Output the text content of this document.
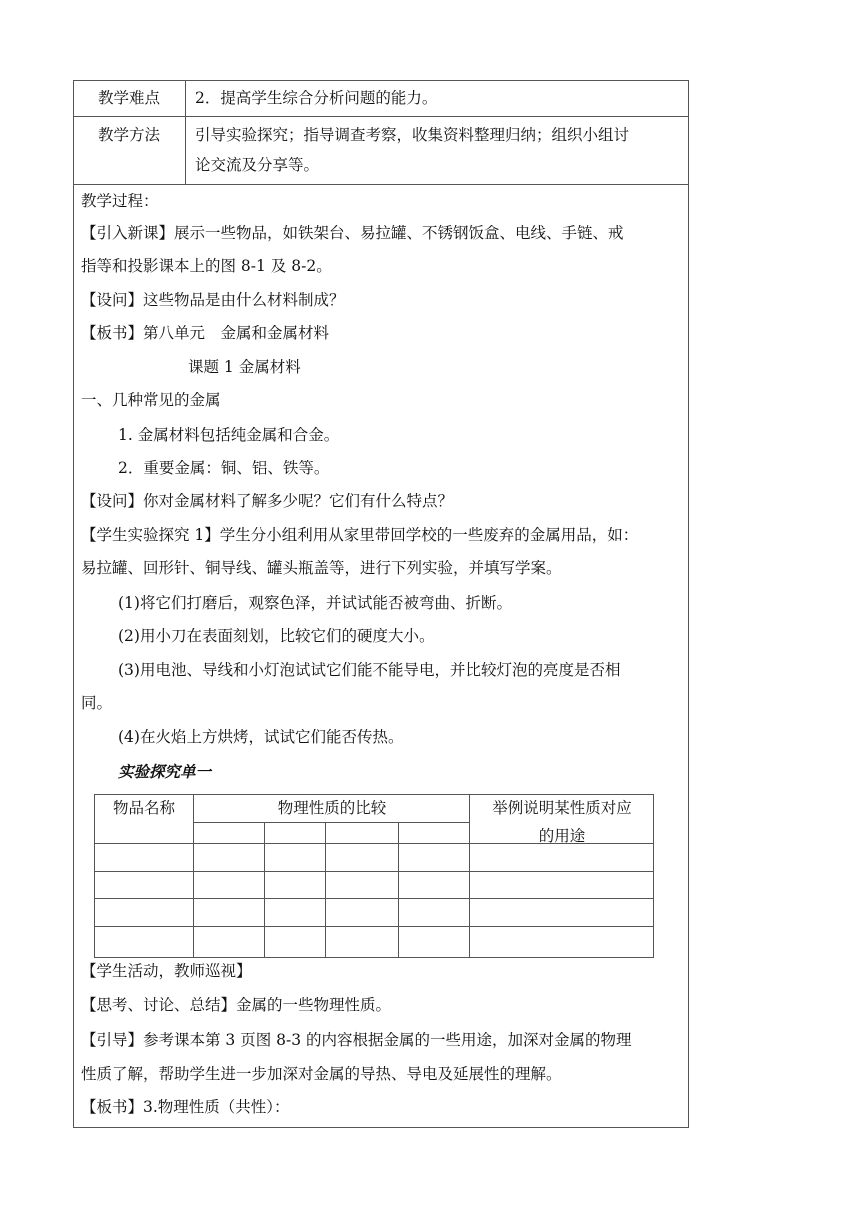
教学难点	2．提高学生综合分析问题的能力。
教学方法	引导实验探究；指导调查考察，收集资料整理归纳；组织小组讨
论交流及分享等。
教学过程：
【引入新课】展示一些物品，如铁架台、易拉罐、不锈钢饭盒、电线、手链、戒
指等和投影课本上的图 8-1 及 8-2。
【设问】这些物品是由什么材料制成？
【板书】第八单元　金属和金属材料
课题 1 金属材料
一、几种常见的金属
1. 金属材料包括纯金属和合金。
2．重要金属：铜、铝、铁等。
【设问】你对金属材料了解多少呢？它们有什么特点？
【学生实验探究 1】学生分小组利用从家里带回学校的一些废弃的金属用品，如：
易拉罐、回形针、铜导线、罐头瓶盖等，进行下列实验，并填写学案。
(1)将它们打磨后，观察色泽，并试试能否被弯曲、折断。
(2)用小刀在表面刻划，比较它们的硬度大小。
(3)用电池、导线和小灯泡试试它们能不能导电，并比较灯泡的亮度是否相
同。
(4)在火焰上方烘烤，试试它们能否传热。
实验探究单一
物品名称	物理性质的比较	举例说明某性质对应
的用途
【学生活动，教师巡视】
【思考、讨论、总结】金属的一些物理性质。
【引导】参考课本第 3 页图 8-3 的内容根据金属的一些用途，加深对金属的物理
性质了解，帮助学生进一步加深对金属的导热、导电及延展性的理解。
【板书】3.物理性质（共性）：
